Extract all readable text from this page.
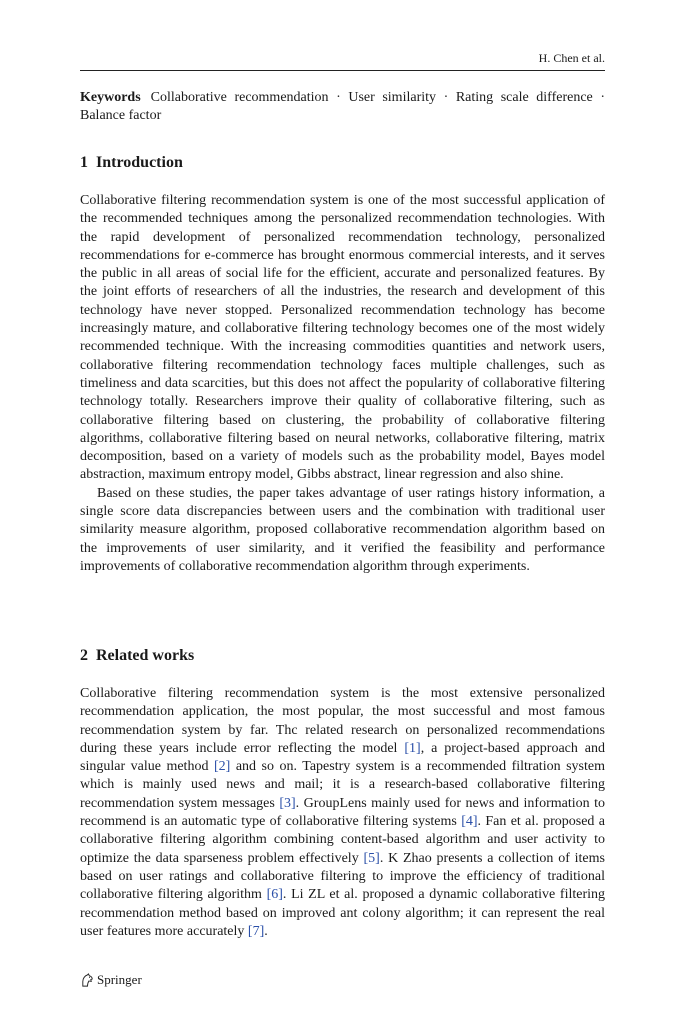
H. Chen et al.
Keywords Collaborative recommendation · User similarity · Rating scale difference · Balance factor
1 Introduction

Collaborative filtering recommendation system is one of the most successful application of the recommended techniques among the personalized recommendation technologies. With the rapid development of personalized recommendation technology, personalized recommendations for e-commerce has brought enormous commercial interests, and it serves the public in all areas of social life for the efficient, accurate and personalized features. By the joint efforts of researchers of all the industries, the research and development of this technology have never stopped. Personalized recommendation technology has become increasingly mature, and collaborative filtering technology becomes one of the most widely recommended technique. With the increasing commodities quantities and network users, collaborative filtering recommendation technology faces multiple challenges, such as timeliness and data scarcities, but this does not affect the popularity of collaborative filtering technology totally. Researchers improve their quality of collaborative filtering, such as collaborative filtering based on clustering, the probability of collaborative filtering algorithms, collaborative filtering based on neural networks, collaborative filtering, matrix decomposition, based on a variety of models such as the probability model, Bayes model abstraction, maximum entropy model, Gibbs abstract, linear regression and also shine.

Based on these studies, the paper takes advantage of user ratings history information, a single score data discrepancies between users and the combination with traditional user similarity measure algorithm, proposed collaborative recommendation algorithm based on the improvements of user similarity, and it verified the feasibility and performance improvements of collaborative recommendation algorithm through experiments.

2 Related works

Collaborative filtering recommendation system is the most extensive personalized recommendation application, the most popular, the most successful and most famous recommendation system by far. Thc related research on personalized recommendations during these years include error reflecting the model [1], a project-based approach and singular value method [2] and so on. Tapestry system is a recommended filtration system which is mainly used news and mail; it is a research-based collaborative filtering recommendation system messages [3]. GroupLens mainly used for news and information to recommend is an automatic type of collaborative filtering systems [4]. Fan et al. proposed a collaborative filtering algorithm combining content-based algorithm and user activity to optimize the data sparseness problem effectively [5]. K Zhao presents a collection of items based on user ratings and collaborative filtering to improve the efficiency of traditional collaborative filtering algorithm [6]. Li ZL et al. proposed a dynamic collaborative filtering recommendation method based on improved ant colony algorithm; it can represent the real user features more accurately [7].

Springer
